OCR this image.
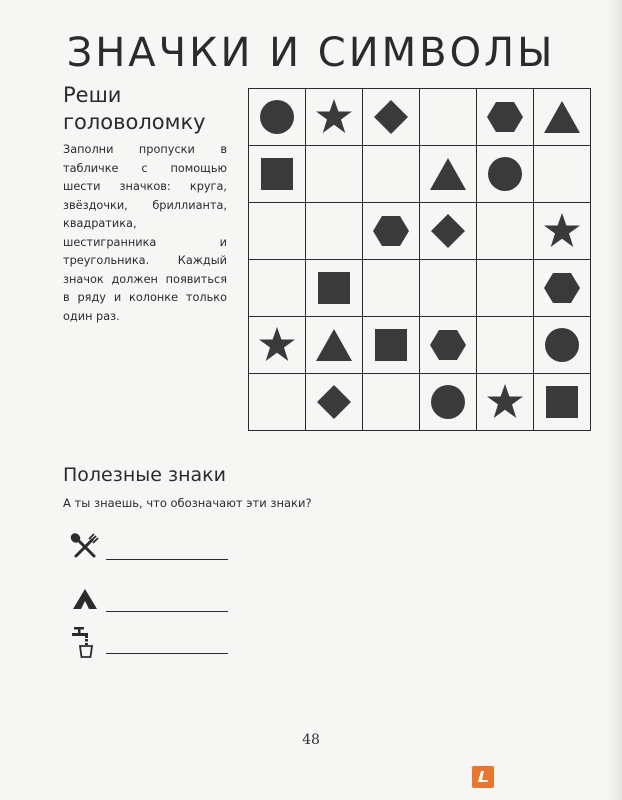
ЗНАЧКИ И СИМВОЛЫ
Реши головоломку
Заполни пропуски в табличке с помощью шести значков: круга, звёздочки, бриллианта, квадратика, шестигранника и треугольника. Каждый значок должен появиться в ряду и колонке только один раз.

Полезные знаки
А ты знаешь, что обозначают эти знаки?
48
